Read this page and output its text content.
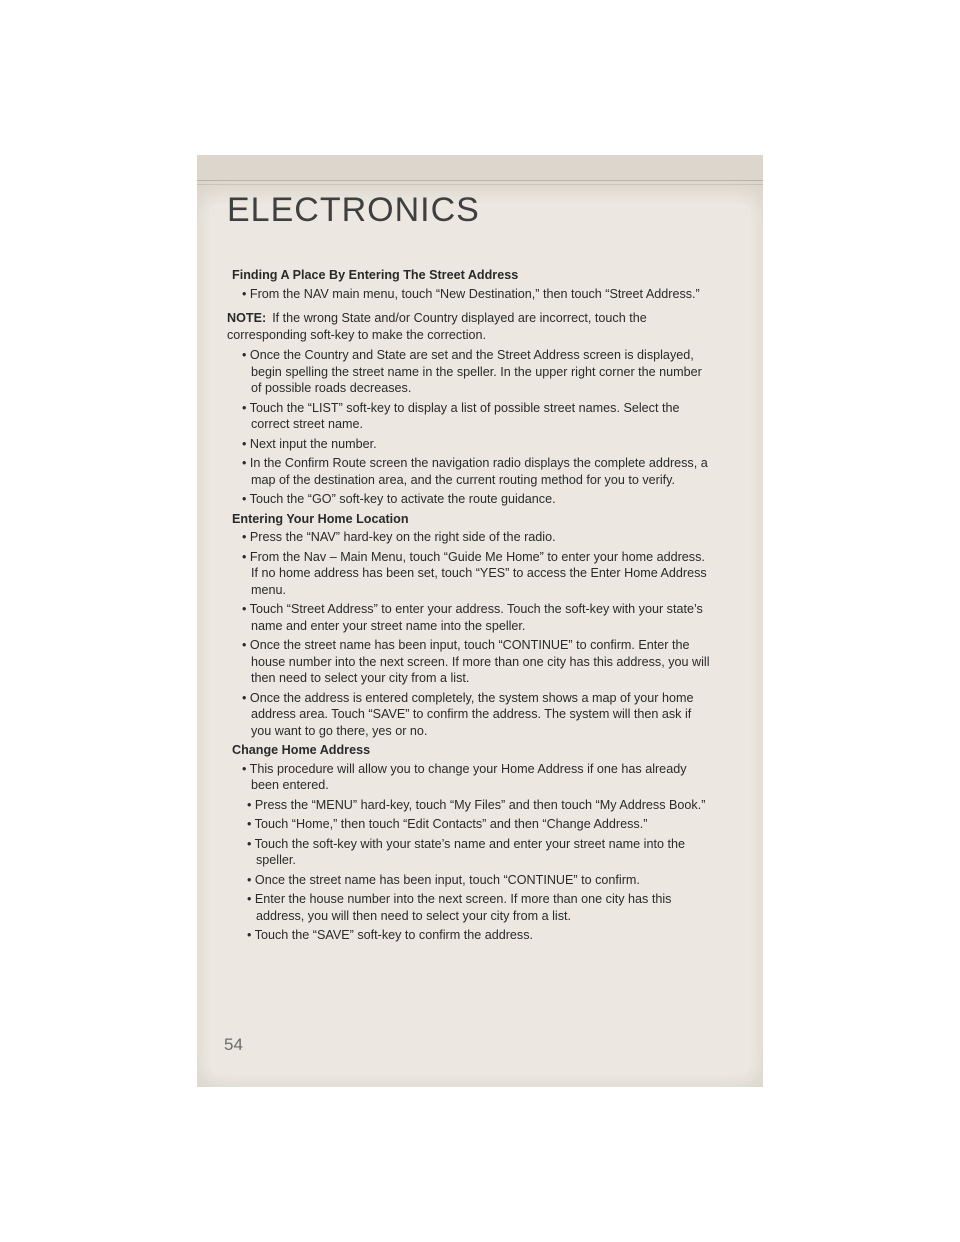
ELECTRONICS

Finding A Place By Entering The Street Address

• From the NAV main menu, touch “New Destination,” then touch “Street Address.”

NOTE: If the wrong State and/or Country displayed are incorrect, touch the corresponding soft-key to make the correction.

• Once the Country and State are set and the Street Address screen is displayed, begin spelling the street name in the speller. In the upper right corner the number of possible roads decreases.

• Touch the “LIST” soft-key to display a list of possible street names. Select the correct street name.

• Next input the number.

• In the Confirm Route screen the navigation radio displays the complete address, a map of the destination area, and the current routing method for you to verify.

• Touch the “GO” soft-key to activate the route guidance.

Entering Your Home Location

• Press the “NAV” hard-key on the right side of the radio.

• From the Nav – Main Menu, touch “Guide Me Home” to enter your home address. If no home address has been set, touch “YES” to access the Enter Home Address menu.

• Touch “Street Address” to enter your address. Touch the soft-key with your state’s name and enter your street name into the speller.

• Once the street name has been input, touch “CONTINUE” to confirm. Enter the house number into the next screen. If more than one city has this address, you will then need to select your city from a list.

• Once the address is entered completely, the system shows a map of your home address area. Touch “SAVE” to confirm the address. The system will then ask if you want to go there, yes or no.

Change Home Address

• This procedure will allow you to change your Home Address if one has already been entered.

• Press the “MENU” hard-key, touch “My Files” and then touch “My Address Book.”

• Touch “Home,” then touch “Edit Contacts” and then “Change Address.”

• Touch the soft-key with your state’s name and enter your street name into the speller.

• Once the street name has been input, touch “CONTINUE” to confirm.

• Enter the house number into the next screen. If more than one city has this address, you will then need to select your city from a list.

• Touch the “SAVE” soft-key to confirm the address.

54
